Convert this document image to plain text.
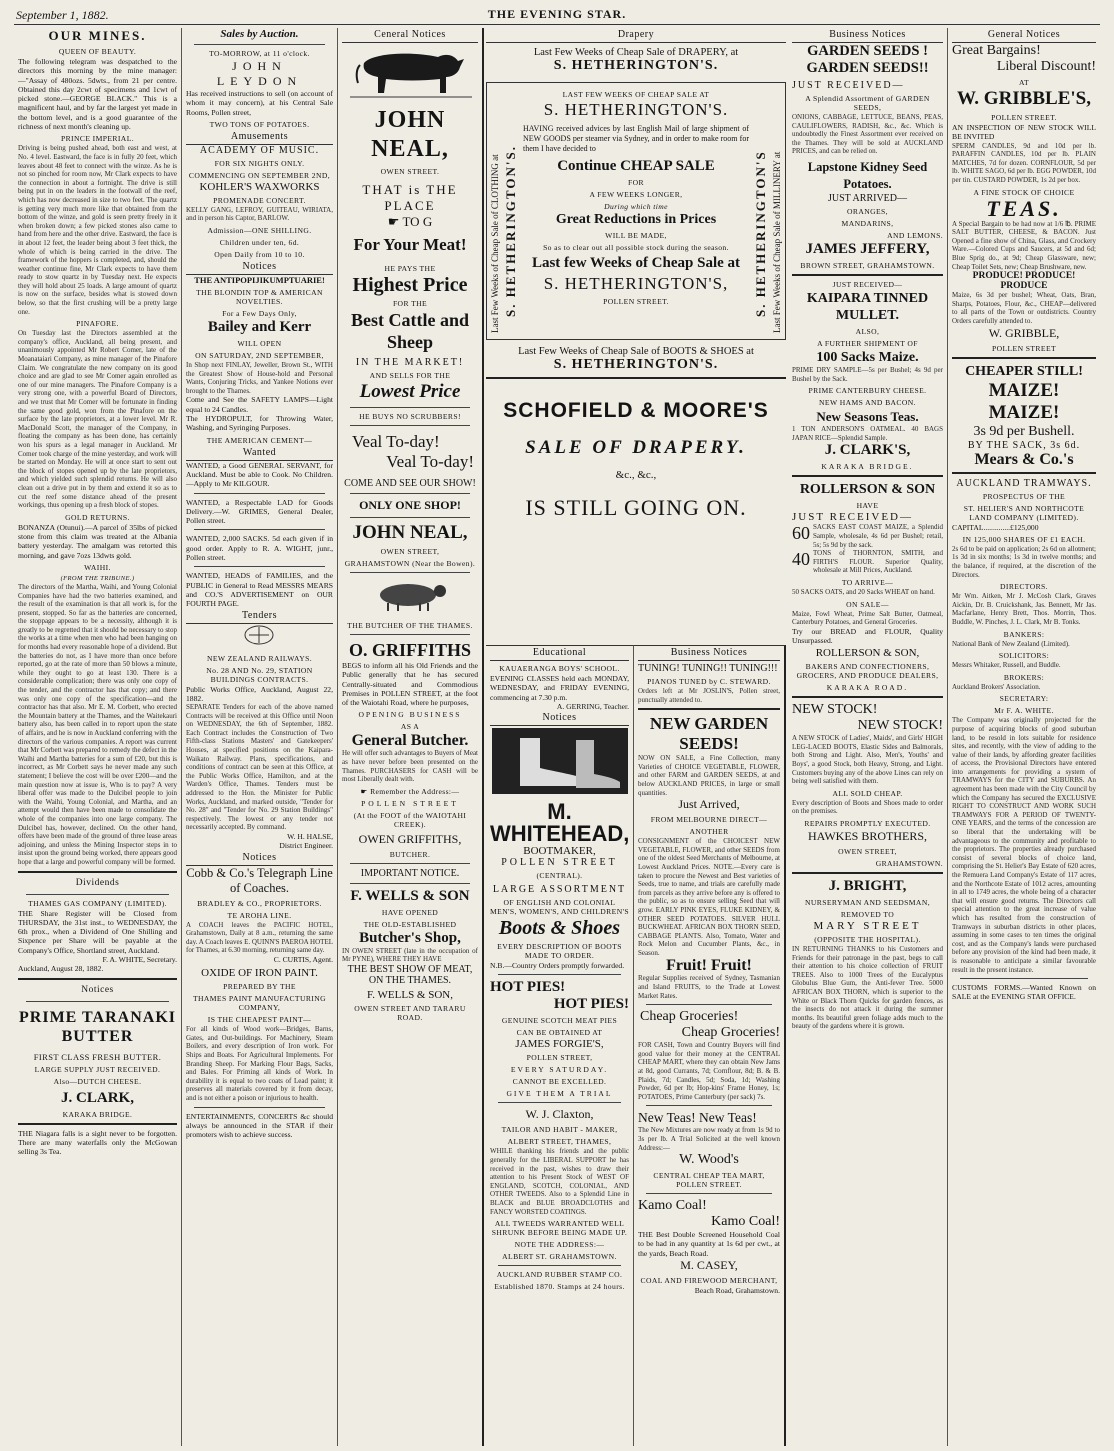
September 1, 1882.	THE EVENING STAR.
OUR MINES.
QUEEN OF BEAUTY.
The following telegram was despatched to the directors this morning by the mine manager:—"Assay of 480ozs. 5dwts., from 21 per centre. Obtained this day 2cwt of specimens and 1cwt of picked stone.—GEORGE BLACK." This is a magnificent haul, and by far the largest yet made in the bottom level, and is a good guarantee of the richness of next month's cleaning up.
PRINCE IMPERIAL.
Driving is being pushed ahead, both east and west, at No. 4 level. Eastward, the face is in fully 20 feet, which leaves about 48 feet to connect with the winze. As he is not so pinched for room now, Mr Clark expects to have the connection in about a fortnight. The drive is still being put in on the leaders in the footwall of the reef, which has now decreased in size to two feet. The quartz is getting very much more like that obtained from the bottom of the winze, and gold is seen pretty freely in it when broken down; a few picked stones also came to hand from here and the other drive. Eastward, the face is in about 12 feet, the leader being about 3 feet thick, the whole of which is being carried in the drive. The framework of the hoppers is completed, and, should the weather continue fine, Mr Clark expects to have them ready to stow quartz in by Tuesday next. He expects they will hold about 25 loads. A large amount of quartz is now on the surface, besides what is stowed down below, so that the first crushing will be a pretty large one.
PINAFORE.
On Tuesday last the Directors assembled at the company's office, Auckland, all being present, and unanimously appointed Mr Robert Comer, late of the Moanataiari Company, as mine manager of the Pinafore Claim. We congratulate the new company on its good choice and are glad to see Mr Comer again enrolled as one of our mine managers. The Pinafore Company is a very strong one, with a powerful Board of Directors, and we trust that Mr Comer will be fortunate in finding the same good gold, won from the Pinafore on the surface by the late proprietors, at a lower level. Mr R. MacDonald Scott, the manager of the Company, in floating the company as has been done, has certainly won his spurs as a legal manager in Auckland. Mr Comer took charge of the mine yesterday, and work will be started on Monday. He will at once start to sent out the block of stopes opened up by the late proprietors, and which yielded such splendid returns. He will also clean out a drive put in by them and extend it so as to cut the reef some distance ahead of the present workings, thus opening up a fresh block of stopes.
GOLD RETURNS.
BONANZA (Otunui).—A parcel of 35lbs of picked stone from this claim was treated at the Albania battery yesterday. The amalgam was retorted this morning, and gave 7ozs 13dwts gold.
WAIHI.
(FROM THE TRIBUNE.)
The directors of the Martha, Waihi, and Young Colonial Companies have had the two batteries examined, and the result of the examination is that all work is, for the present, stopped. So far as the batteries are concerned, the stoppage appears to be a necessity, although it is greatly to be regretted that it should be necessary to stop the works at a time when men who had been hanging on for months had every reasonable hope of a dividend. But the batteries do not, as I have more than once before reported, go at the rate of more than 50 blows a minute, while they ought to go at least 130. There is a considerable complication; there was only one copy of the tender, and the contractor has that copy; and there was only one copy of the specification—and the contractor has that also. Mr E. M. Corbett, who erected the Mountain battery at the Thames, and the Waitekauri battery also, has been called in to report upon the state of affairs, and he is now in Auckland conferring with the directors of the various companies. A report was current that Mr Corbett was prepared to remedy the defect in the Waihi and Martha batteries for a sum of £20, but this is incorrect, as Mr Corbett says he never made any such statement; I believe the cost will be over £200—and the main question now at issue is, Who is to pay? A very liberal offer was made to the Dulcibel people to join with the Waihi, Young Colonial, and Martha, and an attempt would then have been made to consolidate the whole of the companies into one large company. The Dulcibel has, however, declined. On the other hand, offers have been made of the ground of three lease areas adjoining, and unless the Mining Inspector steps in to insist upon the ground being worked, there appears good hope that a large and powerful company will be formed.
Dividends
THAMES GAS COMPANY (LIMITED).
THE Share Register will be Closed from THURSDAY, the 31st inst., to WEDNESDAY, the 6th prox., when a Dividend of One Shilling and Sixpence per Share will be payable at the Company's Office, Shortland street, Auckland.
F. A. WHITE, Secretary.
Auckland, August 28, 1882.
Notices
PRIME TARANAKI BUTTER
FIRST CLASS FRESH BUTTER.
LARGE SUPPLY JUST RECEIVED.
Also—DUTCH CHEESE.
J. CLARK,
KARAKA BRIDGE.
THE Niagara falls is a sight never to be forgotten. There are many waterfalls only the McGowan selling 3s Tea.
Sales by Auction.
TO-MORROW, at 11 o'clock.
JOHN LEYDON
Has received instructions to sell (on account of whom it may concern), at his Central Sale Rooms, Pollen street,
TWO TONS OF POTATOES.
Amusements
ACADEMY OF MUSIC.
FOR SIX NIGHTS ONLY.
COMMENCING ON SEPTEMBER 2ND,
KOHLER'S WAXWORKS
PROMENADE CONCERT.
KELLY GANG, LEFROY, GUITEAU, WIRIATA, and in person his Captor, BARLOW.
Admission—ONE SHILLING.
Children under ten, 6d.
Open Daily from 10 to 10.
Notices
THE ANTIPOPIJIKUMPTUARIE!
THE BLONDIN TOP & AMERICAN NOVELTIES.
For a Few Days Only,
Bailey and Kerr
WILL OPEN
ON SATURDAY, 2ND SEPTEMBER,
In Shop next FINLAY, Jeweller, Brown St., WITH the Greatest Show of House-hold and Personal Wants, Conjuring Tricks, and Yankee Notions ever brought to the Thames.
Come and See the SAFETY LAMPS—Light equal to 24 Candles.
The HYDROPULT, for Throwing Water, Washing, and Syringing Purposes.
THE AMERICAN CEMENT—
Wanted
WANTED, a Good GENERAL SERVANT, for Auckland. Must be able to Cook. No Children.—Apply to Mr KILGOUR.
WANTED, a Respectable LAD for Goods Delivery.—W. GRIMES, General Dealer, Pollen street.
WANTED, 2,000 SACKS. 5d each given if in good order. Apply to R. A. WIGHT, junr., Pollen street.
WANTED, HEADS of FAMILIES, and the PUBLIC in General to Read MESSRS MEARS and CO.'S ADVERTISEMENT on OUR FOURTH PAGE.
Tenders
NEW ZEALAND RAILWAYS.
No. 28 AND No. 29, STATION BUILDINGS CONTRACTS.
Public Works Office, Auckland, August 22, 1882.
SEPARATE Tenders for each of the above named Contracts will be received at this Office until Noon on WEDNESDAY, the 6th of September, 1882. Each Contract includes the Construction of Two Fifth-class Stations Masters' and Gatekeepers' Houses, at specified positions on the Kaipara-Waikato Railway. Plans, specifications, and conditions of contract can be seen at this Office, at the Public Works Office, Hamilton, and at the Warden's Office, Thames. Tenders must be addressed to the Hon. the Minister for Public Works, Auckland, and marked outside, "Tender for No. 28" and "Tender for No. 29 Station Buildings" respectively. The lowest or any tender not necessarily accepted. By command.
W. H. HALSE,
District Engineer.
Notices
Cobb & Co.'s Telegraph Line of Coaches.
BRADLEY & CO., PROPRIETORS.
TE AROHA LINE.
A COACH leaves the PACIFIC HOTEL, Grahamstown, Daily at 8 a.m., returning the same day. A Coach leaves E. QUINN'S PAEROA HOTEL for Thames, at 6.30 morning, returning same day.
C. CURTIS, Agent.
OXIDE OF IRON PAINT.
PREPARED BY THE
THAMES PAINT MANUFACTURING COMPANY,
IS THE CHEAPEST PAINT—
For all kinds of Wood work—Bridges, Barns, Gates, and Out-buildings. For Machinery, Steam Boilers, and every description of Iron work. For Ships and Boats. For Agricultural Implements. For Branding Sheep. For Marking Flour Bags, Sacks, and Bales. For Priming all kinds of Work. In durability it is equal to two coats of Lead paint; it preserves all materials covered by it from decay, and is not either a poison or injurious to health.
ENTERTAINMENTS, CONCERTS &c should always be announced in the STAR if their promoters wish to achieve success.
Ceneral Notices
JOHN NEAL,
OWEN STREET.
THAT is THE PLACE
☛ TO G
For Your Meat!
HE PAYS THE
Highest Price
FOR THE
Best Cattle and Sheep
IN THE MARKET!
AND SELLS FOR THE
Lowest Price
HE BUYS NO SCRUBBERS!
Veal To-day!
Veal To-day!
COME AND SEE OUR SHOW!
ONLY ONE SHOP!
JOHN NEAL,
OWEN STREET,
GRAHAMSTOWN (Near the Bowen).
THE BUTCHER OF THE THAMES.
O. GRIFFITHS
BEGS to inform all his Old Friends and the Public generally that he has secured Centrally-situated and Commodious Premises in POLLEN STREET, at the foot of the Waiotahi Road, where he purposes,
OPENING BUSINESS
AS A
General Butcher.
He will offer such advantages to Buyers of Meat as have never before been presented on the Thames. PURCHASERS for CASH will be most Liberally dealt with.
☛ Remember the Address:—
POLLEN STREET
(At the FOOT of the WAIOTAHI CREEK).
OWEN GRIFFITHS,
BUTCHER.
IMPORTANT NOTICE.
F. WELLS & SON
HAVE OPENED
THE OLD-ESTABLISHED
Butcher's Shop,
IN OWEN STREET (late in the occupation of Mr PYNE), WHERE THEY HAVE
THE BEST SHOW OF MEAT, ON THE THAMES.
F. WELLS & SON,
OWEN STREET AND TARARU ROAD.
Drapery
Last Few Weeks of Cheap Sale of DRAPERY, at
S. HETHERINGTON'S.
Last Few Weeks of Cheap Sale of CLOTHING at S. HETHERINGTON'S.	Last Few Weeks of Cheap Sale of MILLINERY at
S. HETHERINGTON'S
LAST FEW WEEKS OF CHEAP SALE AT
S. HETHERINGTON'S.
HAVING received advices by last English Mail of large shipment of NEW GOODS per steamer via Sydney, and in order to make room for them I have decided to
Continue CHEAP SALE
FOR
A FEW WEEKS LONGER,
During which time
Great Reductions in Prices
WILL BE MADE,
So as to clear out all possible stock during the season.
Last few Weeks of Cheap Sale at
S. HETHERINGTON'S,
POLLEN STREET.
Last Few Weeks of Cheap Sale of BOOTS & SHOES at
S. HETHERINGTON'S.
SCHOFIELD & MOORE'S
SALE OF DRAPERY.
&c., &c.,
IS STILL GOING ON.
Educational
KAUAERANGA BOYS' SCHOOL.
EVENING CLASSES held each MONDAY, WEDNESDAY, and FRIDAY EVENING, commencing at 7.30 p.m.
A. GERRING, Teacher.
Notices
M. WHITEHEAD,
BOOTMAKER,
POLLEN STREET
(CENTRAL).
LARGE ASSORTMENT
OF ENGLISH AND COLONIAL MEN'S, WOMEN'S, AND CHILDREN'S
Boots & Shoes
EVERY DESCRIPTION OF BOOTS MADE TO ORDER.
N.B.—Country Orders promptly forwarded.
HOT PIES!
HOT PIES!
GENUINE SCOTCH MEAT PIES
CAN BE OBTAINED AT
JAMES FORGIE'S,
POLLEN STREET,
EVERY SATURDAY.
CANNOT BE EXCELLED.
GIVE THEM A TRIAL
W. J. Claxton,
TAILOR AND HABIT - MAKER,
ALBERT STREET, THAMES,
WHILE thanking his friends and the public generally for the LIBERAL SUPPORT he has received in the past, wishes to draw their attention to his Present Stock of WEST OF ENGLAND, SCOTCH, COLONIAL, AND OTHER TWEEDS. Also to a Splendid Line in BLACK and BLUE BROADCLOTHS and FANCY WORSTED COATINGS.
ALL TWEEDS WARRANTED WELL SHRUNK BEFORE BEING MADE UP.
NOTE THE ADDRESS:—
ALBERT ST. GRAHAMSTOWN.
AUCKLAND RUBBER STAMP CO.
Established 1870. Stamps at 24 hours.
Business Notices
TUNING! TUNING!! TUNING!!!
PIANOS TUNED by C. STEWARD.
Orders left at Mr JOSLIN'S, Pollen street, punctually attended to.
NEW GARDEN SEEDS!
NOW ON SALE, a Fine Collection, many Varieties of CHOICE VEGETABLE, FLOWER, and other FARM and GARDEN SEEDS, at and below AUCKLAND PRICES, in large or small quantities.
Just Arrived,
FROM MELBOURNE DIRECT—
ANOTHER
CONSIGNMENT of the CHOICEST NEW VEGETABLE, FLOWER, and other SEEDS from one of the oldest Seed Merchants of Melbourne, at Lowest Auckland Prices. NOTE.—Every care is taken to procure the Newest and Best varieties of Seeds, true to name, and trials are carefully made from parcels as they arrive before any is offered to the public, so as to ensure selling Seed that will grow. EARLY PINK EYES, FLUKE KIDNEY, & OTHER SEED POTATOES. SILVER HULL BUCKWHEAT. AFRICAN BOX THORN SEED, CABBAGE PLANTS. Also, Tomato, Water and Rock Melon and Cucumber Plants, &c., in Season.
Fruit! Fruit!
Regular Supplies received of Sydney, Tasmanian and Island FRUITS, to the Trade at Lowest Market Rates.
Cheap Groceries!
Cheap Groceries!
FOR CASH, Town and Country Buyers will find good value for their money at the CENTRAL CHEAP MART, where they can obtain New Jams at 8d, good Currants, 7d; Cornflour, 8d; B. & B. Plaids, 7d; Candles, 5d; Soda, 1d; Washing Powder, 6d per lb; Hop-kins' Frame Honey, 1s; POTATOES, Prime Canterbury (per sack) 7s.
New Teas! New Teas!
The New Mixtures are now ready at from 1s 9d to 3s per lb. A Trial Solicited at the well known Address:—
W. Wood's
CENTRAL CHEAP TEA MART, POLLEN STREET.
Kamo Coal!
Kamo Coal!
THE Best Double Screened Household Coal to be had in any quantity at 1s 6d per cwt., at the yards, Beach Road.
M. CASEY,
COAL AND FIREWOOD MERCHANT,
Beach Road, Grahamstown.
Business Notices
GARDEN SEEDS !
GARDEN SEEDS!!
JUST RECEIVED—
A Splendid Assortment of GARDEN SEEDS,
ONIONS, CABBAGE, LETTUCE, BEANS, PEAS, CAULIFLOWERS, RADISH, &c., &c. Which is undoubtedly the Finest Assortment ever received on the Thames. They will be sold at AUCKLAND PRICES, and can be relied on.
Lapstone Kidney Seed Potatoes.
JUST ARRIVED—
ORANGES,
MANDARINS,
AND LEMONS.
JAMES JEFFERY,
BROWN STREET, GRAHAMSTOWN.
JUST RECEIVED—
KAIPARA TINNED MULLET.
ALSO,
A FURTHER SHIPMENT OF
100 Sacks Maize.
PRIME DRY SAMPLE—5s per Bushel; 4s 9d per Bushel by the Sack.
PRIME CANTERBURY CHEESE.
NEW HAMS AND BACON.
New Seasons Teas.
1 TON ANDERSON'S OATMEAL. 40 BAGS JAPAN RICE—Splendid Sample.
J. CLARK'S,
KARAKA BRIDGE.
ROLLERSON & SON
HAVE
JUST RECEIVED—
60 SACKS EAST COAST MAIZE, a Splendid Sample, wholesale, 4s 6d per Bushel; retail, 5s; 5s 9d by the sack.
40 TONS of THORNTON, SMITH, and FIRTH'S FLOUR. Superior Quality, wholesale at Mill Prices, Auckland.
TO ARRIVE—
50 SACKS OATS, and 20 Sacks WHEAT on hand.
ON SALE—
Maize, Fowl Wheat, Prime Salt Butter, Oatmeal, Canterbury Potatoes, and General Groceries.
Try our BREAD and FLOUR, Quality Unsurpassed.
ROLLERSON & SON,
BAKERS AND CONFECTIONERS, GROCERS, AND PRODUCE DEALERS,
KARAKA ROAD.
NEW STOCK!
NEW STOCK!
A NEW STOCK of Ladies', Maids', and Girls' HIGH LEG-LACED BOOTS, Elastic Sides and Balmorals, both Strong and Light. Also, Men's, Youths' and Boys', a good Stock, both Heavy, Strong, and Light. Customers buying any of the above Lines can rely on being well satisfied with them.
ALL SOLD CHEAP.
Every description of Boots and Shoes made to order on the premises.
REPAIRS PROMPTLY EXECUTED.
HAWKES BROTHERS,
OWEN STREET,
GRAHAMSTOWN.
J. BRIGHT,
NURSERYMAN AND SEEDSMAN,
REMOVED TO
MARY STREET
(OPPOSITE THE HOSPITAL).
IN RETURNING THANKS to his Customers and Friends for their patronage in the past, begs to call their attention to his choice collection of FRUIT TREES. Also to 1000 Trees of the Eucalyptus Globulus Blue Gum, the Anti-fever Tree. 5000 AFRICAN BOX THORN, which is superior to the White or Black Thorn Quicks for garden fences, as the insects do not attack it during the summer months. Its beautiful green foliage adds much to the beauty of the gardens where it is grown.
General Notices
Great Bargains!
Liberal Discount!
AT
W. GRIBBLE'S,
POLLEN STREET.
AN INSPECTION OF NEW STOCK WILL BE INVITED
SPERM CANDLES, 9d and 10d per lb. PARAFFIN CANDLES, 10d per lb. PLAIN MATCHES, 7d for dozen. CORNFLOUR, 5d per lb. WHITE SAGO, 6d per lb. EGG POWDER, 10d per tin. CUSTARD POWDER, 1s 2d per box.
A FINE STOCK OF CHOICE
TEAS.
A Special Bargain to be had now at 1/6 ℔. PRIME SALT BUTTER, CHEESE, & BACON. Just Opened a fine show of China, Glass, and Crockery Ware.—Colored Cups and Saucers, at 5d and 6d; Blue Sprig do., at 9d; Cheap Glassware, new; Cheap Toilet Sets, new; Cheap Brushware, new.
PRODUCE! PRODUCE! PRODUCE
Maize, 6s 3d per bushel; Wheat, Oats, Bran, Sharps, Potatoes, Flour, &c., CHEAP—delivered to all parts of the Town or outdistricts. Country Orders carefully attended to.
W. GRIBBLE,
POLLEN STREET
CHEAPER STILL!
MAIZE! MAIZE!
3s 9d per Bushell.
BY THE SACK, 3s 6d.
Mears & Co.'s
AUCKLAND TRAMWAYS.
PROSPECTUS OF THE
ST. HELIER'S AND NORTHCOTE LAND COMPANY (LIMITED).
CAPITAL..............£125,000
IN 125,000 SHARES OF £1 EACH.
2s 6d to be paid on application; 2s 6d on allotment; 1s 3d in six months; 1s 3d in twelve months; and the balance, if required, at the discretion of the Directors.
DIRECTORS.
Mr Wm. Aitken, Mr J. McCosh Clark, Graves Aickin, Dr. B. Cruickshank, Jas. Bennett, Mr Jas. Macfarlane, Henry Brett, Thos. Morrin, Thos. Buddle, W. Pinches, J. L. Clark, Mr B. Tonks.
BANKERS:
National Bank of New Zealand (Limited).
SOLICITORS:
Messrs Whitaker, Russell, and Buddle.
BROKERS:
Auckland Brokers' Association.
SECRETARY:
Mr F. A. WHITE.
The Company was originally projected for the purpose of acquiring blocks of good suburban land, to be resold in lots suitable for residence sites, and recently, with the view of adding to the value of their lands, by affording greater facilities of access, the Provisional Directors have entered into arrangements for providing a system of TRAMWAYS for the CITY and SUBURBS. An agreement has been made with the City Council by which the Company has secured the EXCLUSIVE RIGHT TO CONSTRUCT AND WORK SUCH TRAMWAYS FOR A PERIOD OF TWENTY-ONE YEARS, and the terms of the concession are so liberal that the undertaking will be advantageous to the community and profitable to the proprietors. The properties already purchased consist of several blocks of choice land, comprising the St. Helier's Bay Estate of 620 acres, the Remuera Land Company's Estate of 117 acres, and the Northcote Estate of 1012 acres, amounting in all to 1749 acres, the whole being of a character that will ensure good returns. The Directors call special attention to the great increase of value which has resulted from the construction of Tramways in suburban districts in other places, assuming in some cases to ten times the original cost, and as the Company's lands were purchased before any provision of the kind had been made, it is reasonable to anticipate a similar favourable result in the present instance.
CUSTOMS FORMS.—Wanted Known on SALE at the EVENING STAR OFFICE.
